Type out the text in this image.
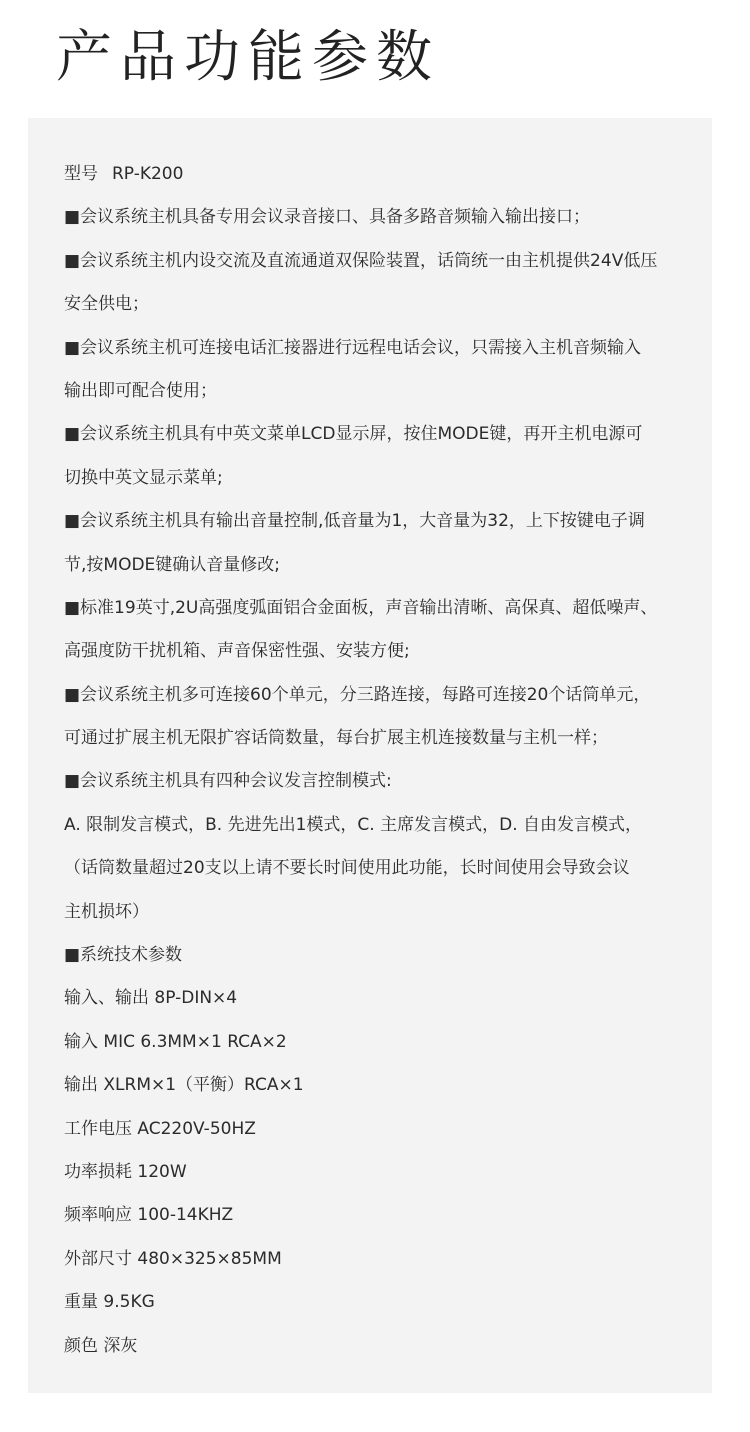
产品功能参数
型号 RP-K200
■会议系统主机具备专用会议录音接口、具备多路音频输入输出接口；
■会议系统主机内设交流及直流通道双保险装置，话筒统一由主机提供24V低压
安全供电；
■会议系统主机可连接电话汇接器进行远程电话会议，只需接入主机音频输入
输出即可配合使用；
■会议系统主机具有中英文菜单LCD显示屏，按住MODE键，再开主机电源可
切换中英文显示菜单;
■会议系统主机具有输出音量控制,低音量为1，大音量为32，上下按键电子调
节,按MODE键确认音量修改;
■标准19英寸,2U高强度弧面铝合金面板，声音输出清晰、高保真、超低噪声、
高强度防干扰机箱、声音保密性强、安装方便;
■会议系统主机多可连接60个单元，分三路连接，每路可连接20个话筒单元，
可通过扩展主机无限扩容话筒数量，每台扩展主机连接数量与主机一样；
■会议系统主机具有四种会议发言控制模式:
A. 限制发言模式，B. 先进先出1模式，C. 主席发言模式，D. 自由发言模式，
（话筒数量超过20支以上请不要长时间使用此功能，长时间使用会导致会议
主机损坏）
■系统技术参数
输入、输出 8P-DIN×4
输入 MIC 6.3MM×1 RCA×2
输出 XLRM×1（平衡）RCA×1
工作电压 AC220V-50HZ
功率损耗 120W
频率响应 100-14KHZ
外部尺寸 480×325×85MM
重量 9.5KG
颜色 深灰
